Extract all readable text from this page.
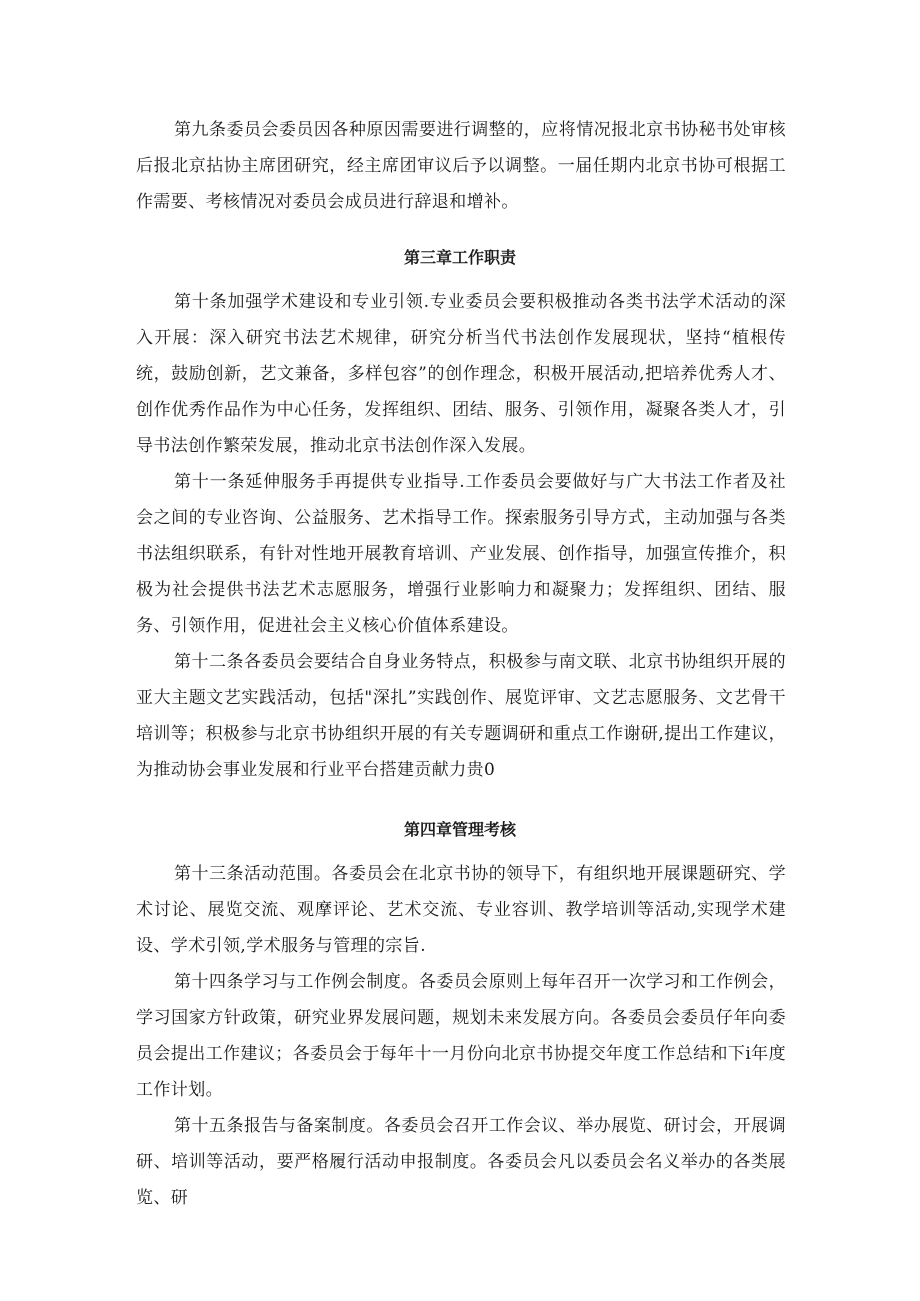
第九条委员会委员因各种原因需要进行调整的，应将情况报北京书协秘书处审核后报北京拈协主席团研究，经主席团审议后予以调整。一届任期内北京书协可根据工作需要、考核情况对委员会成员进行辞退和增补。

第三章工作职责

第十条加强学术建设和专业引领.专业委员会要积极推动各类书法学术活动的深入开展：深入研究书法艺术规律，研究分析当代书法创作发展现状，坚持“植根传统，鼓励创新，艺文兼备，多样包容”的创作理念，积极开展活动,把培养优秀人才、创作优秀作品作为中心任务，发挥组织、团结、服务、引领作用，凝聚各类人才，引导书法创作繁荣发展，推动北京书法创作深入发展。

第十一条延伸服务手再提供专业指导.工作委员会要做好与广大书法工作者及社会之间的专业咨询、公益服务、艺术指导工作。探索服务引导方式，主动加强与各类书法组织联系，有针对性地开展教育培训、产业发展、创作指导，加强宣传推介，积极为社会提供书法艺术志愿服务，增强行业影响力和凝聚力；发挥组织、团结、服务、引领作用，促进社会主义核心价值体系建设。

第十二条各委员会要结合自身业务特点，积极参与南文联、北京书协组织开展的亚大主题文艺实践活动，包括"深扎”实践创作、展览评审、文艺志愿服务、文艺骨干培训等；积极参与北京书协组织开展的有关专题调研和重点工作谢研,提出工作建议，为推动协会事业发展和行业平台搭建贡献力贵0

第四章管理考核

第十三条活动范围。各委员会在北京书协的领导下，有组织地开展课题研究、学术讨论、展览交流、观摩评论、艺术交流、专业容训、教学培训等活动,实现学术建设、学术引领,学术服务与管理的宗旨.

第十四条学习与工作例会制度。各委员会原则上每年召开一次学习和工作例会，学习国家方针政策，研究业界发展问题，规划未来发展方向。各委员会委员仔年向委员会提出工作建议；各委员会于每年十一月份向北京书协提交年度工作总结和下i年度工作计划。

第十五条报告与备案制度。各委员会召开工作会议、举办展览、研讨会，开展调研、培训等活动，要严格履行活动申报制度。各委员会凡以委员会名义举办的各类展览、研
